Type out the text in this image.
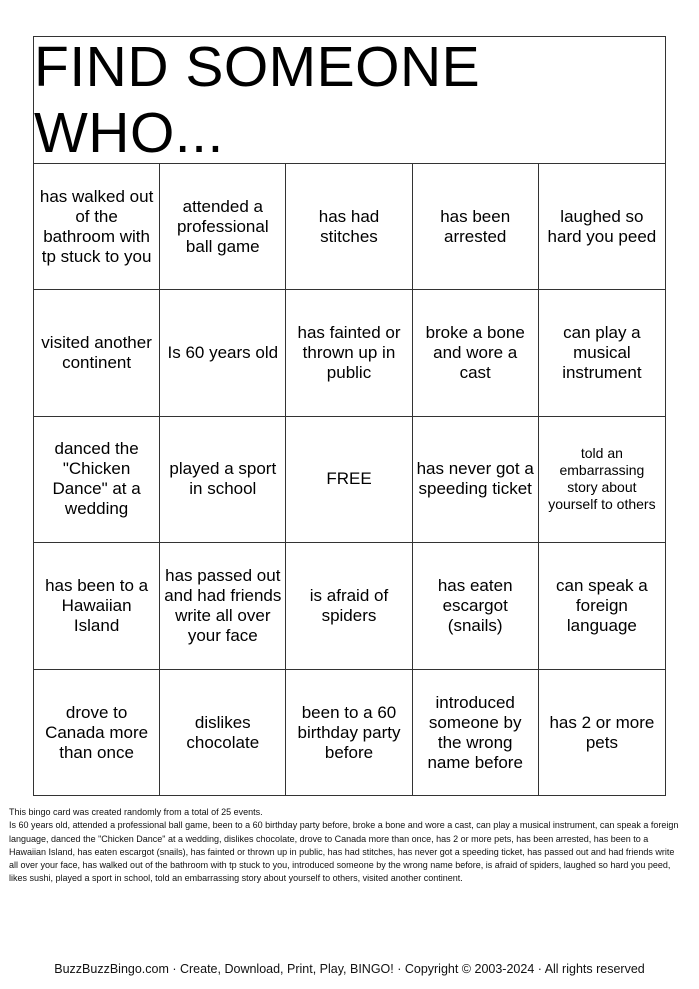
FIND SOMEONE WHO...
has walked out of the bathroom with tp stuck to you
attended a professional ball game
has had stitches
has been arrested
laughed so hard you peed
visited another continent
Is 60 years old
has fainted or thrown up in public
broke a bone and wore a cast
can play a musical instrument
danced the "Chicken Dance" at a wedding
played a sport in school
FREE
has never got a speeding ticket
told an embarrassing story about yourself to others
has been to a Hawaiian Island
has passed out and had friends write all over your face
is afraid of spiders
has eaten escargot (snails)
can speak a foreign language
drove to Canada more than once
dislikes chocolate
been to a 60 birthday party before
introduced someone by the wrong name before
has 2 or more pets

This bingo card was created randomly from a total of 25 events.

Is 60 years old, attended a professional ball game, been to a 60 birthday party before, broke a bone and wore a cast, can play a musical instrument, can speak a foreign language, danced the "Chicken Dance" at a wedding, dislikes chocolate, drove to Canada more than once, has 2 or more pets, has been arrested, has been to a Hawaiian Island, has eaten escargot (snails), has fainted or thrown up in public, has had stitches, has never got a speeding ticket, has passed out and had friends write all over your face, has walked out of the bathroom with tp stuck to you, introduced someone by the wrong name before, is afraid of spiders, laughed so hard you peed, likes sushi, played a sport in school, told an embarrassing story about yourself to others, visited another continent.

BuzzBuzzBingo.com · Create, Download, Print, Play, BINGO! · Copyright © 2003-2024 · All rights reserved
